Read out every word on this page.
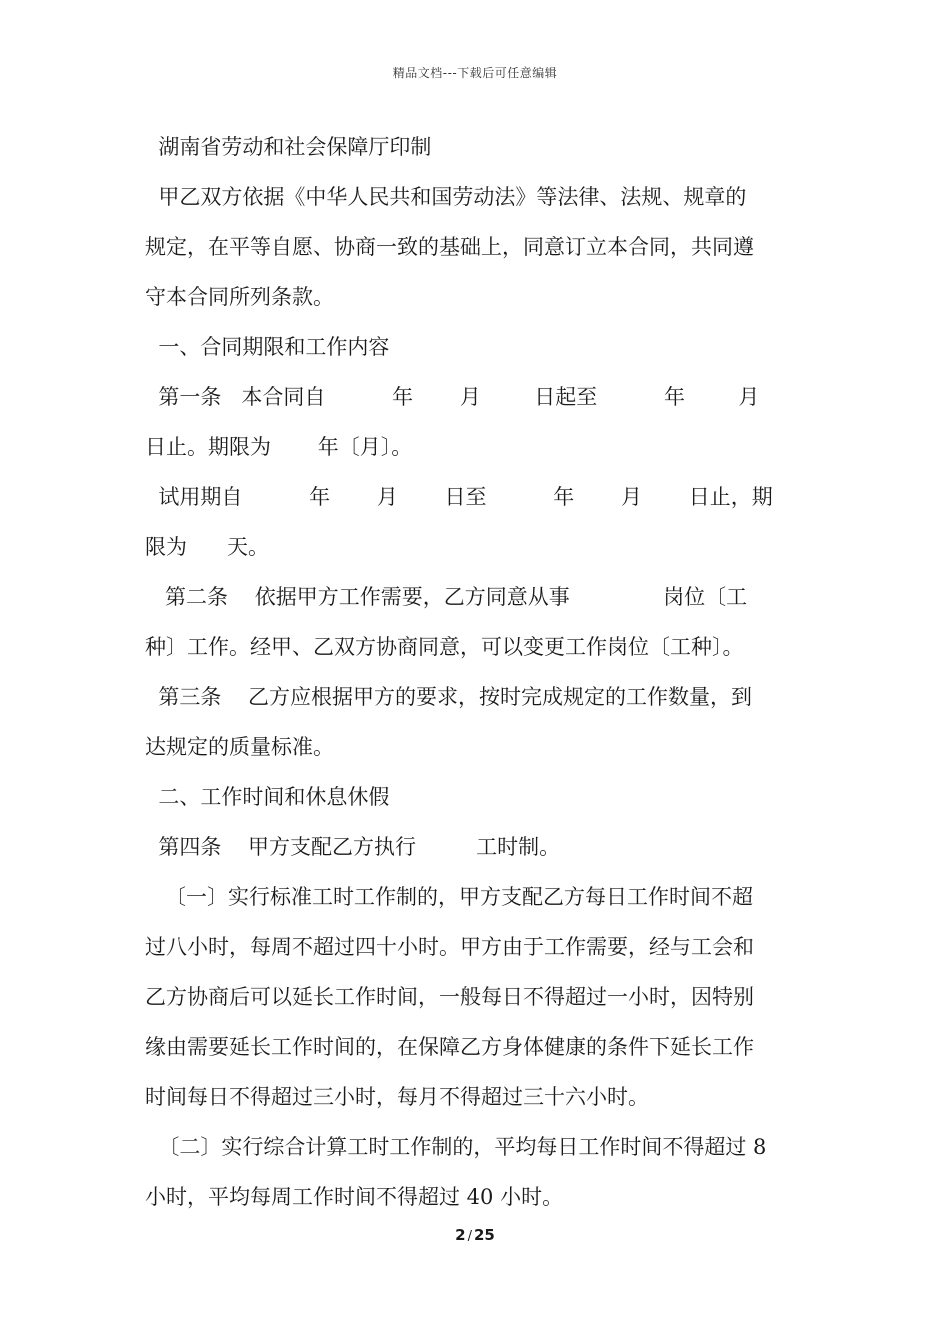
精品文档---下载后可任意编辑
湖南省劳动和社会保障厅印制
甲乙双方依据《中华人民共和国劳动法》等法律、法规、规章的
规定，在平等自愿、协商一致的基础上，同意订立本合同，共同遵
守本合同所列条款。
一、合同期限和工作内容
第一条   本合同自          年       月        日起至          年        月
日止。期限为       年〔月〕。
试用期自          年       月       日至          年       月       日止，期
限为      天。
第二条    依据甲方工作需要，乙方同意从事              岗位〔工
种〕工作。经甲、乙双方协商同意，可以变更工作岗位〔工种〕。
第三条    乙方应根据甲方的要求，按时完成规定的工作数量，到
达规定的质量标准。
二、工作时间和休息休假
第四条    甲方支配乙方执行         工时制。
〔一〕实行标准工时工作制的，甲方支配乙方每日工作时间不超
过八小时，每周不超过四十小时。甲方由于工作需要，经与工会和
乙方协商后可以延长工作时间，一般每日不得超过一小时，因特别
缘由需要延长工作时间的，在保障乙方身体健康的条件下延长工作
时间每日不得超过三小时，每月不得超过三十六小时。
〔二〕实行综合计算工时工作制的，平均每日工作时间不得超过 8
小时，平均每周工作时间不得超过 40 小时。
2 / 25
